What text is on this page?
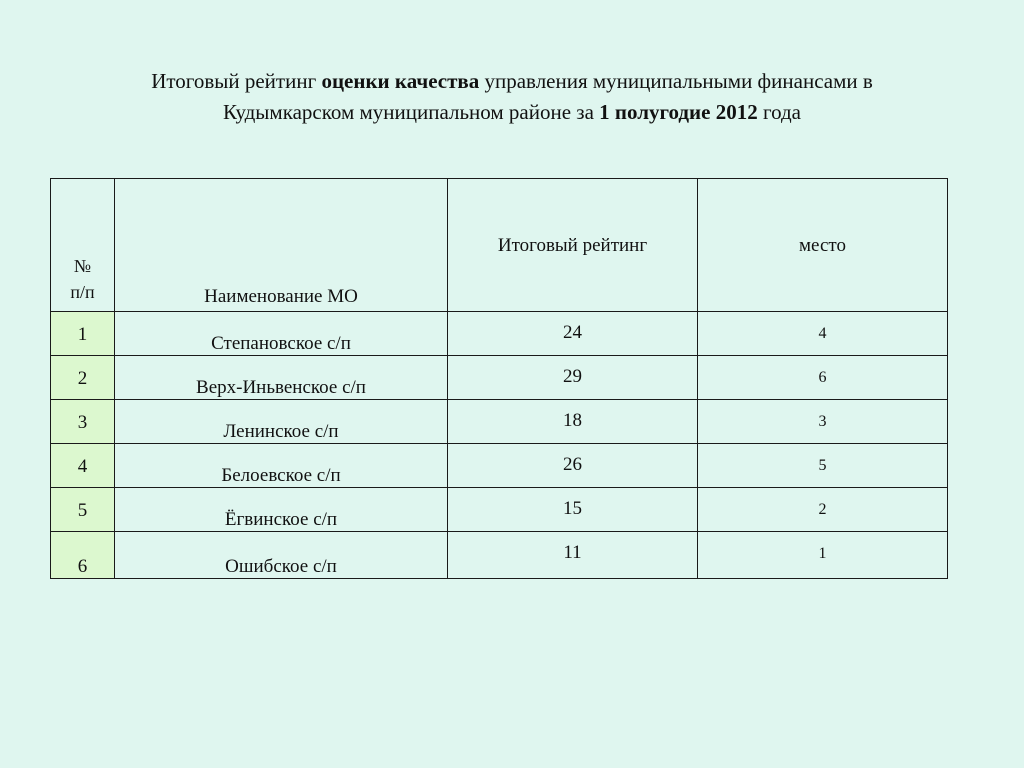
Итоговый рейтинг оценки качества управления муниципальными финансами в
Кудымкарском муниципальном районе за 1 полугодие 2012 года
№
п/п	Наименование МО	Итоговый рейтинг	место

1	Степановское с/п	24	4

2	Верх-Иньвенское с/п	29	6

3	Ленинское с/п	18	3

4	Белоевское с/п	26	5

5	Ёгвинское с/п	15	2

6	Ошибское с/п	11	1
